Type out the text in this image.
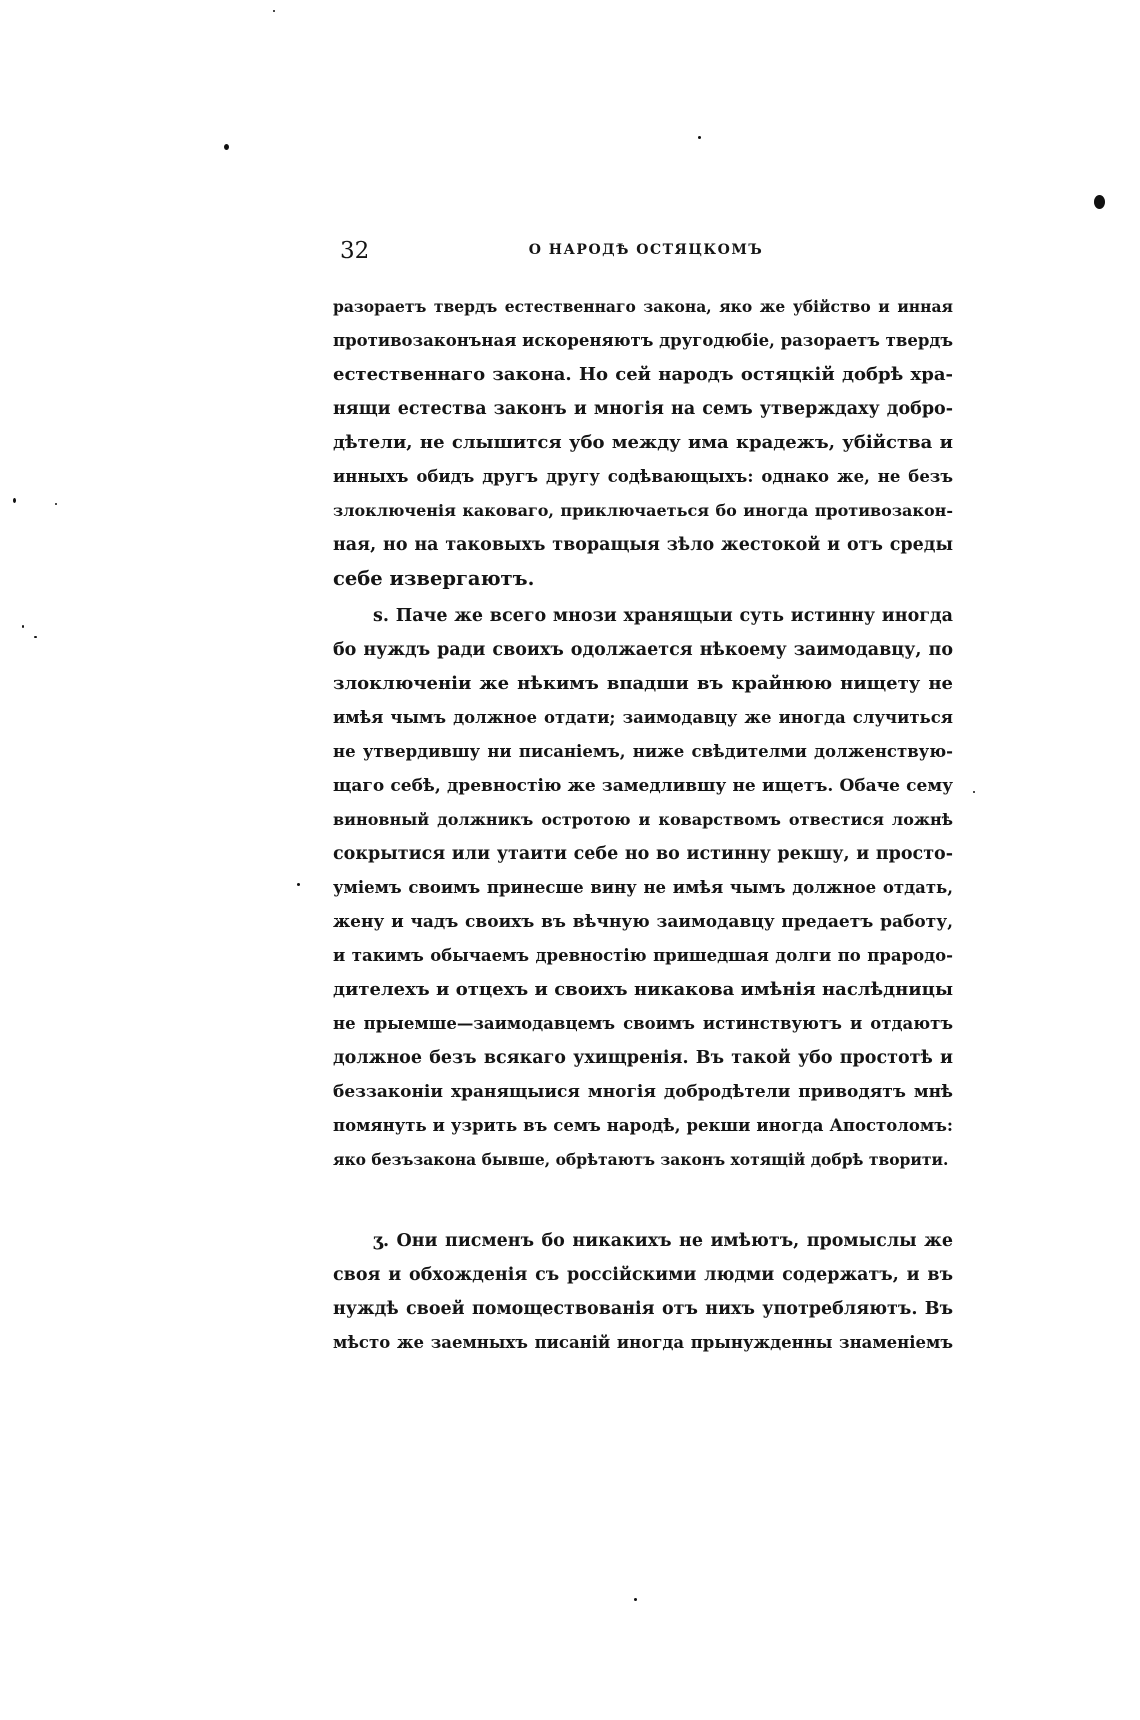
32	О НАРОДѢ ОСТЯЦКОМЪ
разораетъ твердъ естественнаго закона, яко же убійство и инная
противозаконъная искореняютъ другодюбіе, разораетъ твердъ
естественнаго закона. Но сей народъ остяцкій добрѣ хра-
нящи естества законъ и многія на семъ утверждаху добро-
дѣтели, не слышится убо между има крадежъ, убійства и
инныхъ обидъ другъ другу содѣвающыхъ: однако же, не безъ
злоключенія каковаго, приключаеться бо иногда противозакон-
ная, но на таковыхъ творащыя зѣло жестокой и отъ среды
себе извергаютъ.
ѕ. Паче же всего мнози хранящыи суть истинну иногда
бо нуждъ ради своихъ одолжается нѣкоему заимодавцу, по
злоключеніи же нѣкимъ впадши въ крайнюю нищету не
имѣя чымъ должное отдати; заимодавцу же иногда случиться
не утвердившу ни писаніемъ, ниже свѣдителми долженствую-
щаго себѣ, древностію же замедлившу не ищетъ. Обаче сему
виновный должникъ остротою и коварствомъ отвестися ложнѣ
сокрытися или утаити себе но во истинну рекшу, и просто-
уміемъ своимъ принесше вину не имѣя чымъ должное отдать,
жену и чадъ своихъ въ вѣчную заимодавцу предаетъ работу,
и такимъ обычаемъ древностію пришедшая долги по прародо-
дителехъ и отцехъ и своихъ никакова имѣнія наслѣдницы
не прыемше—заимодавцемъ своимъ истинствуютъ и отдаютъ
должное безъ всякаго ухищренія. Въ такой убо простотѣ и
беззаконіи хранящыися многія добродѣтели приводятъ мнѣ
помянуть и узрить въ семъ народѣ, рекши иногда Апостоломъ:
яко безъзакона бывше, обрѣтаютъ законъ хотящій добрѣ творити.
ӡ. Они писменъ бо никакихъ не имѣютъ, промыслы же
своя и обхожденія съ россійскими людми содержатъ, и въ
нуждѣ своей помоществованія отъ нихъ употребляютъ. Въ
мѣсто же заемныхъ писаній иногда прынужденны знаменіемъ
